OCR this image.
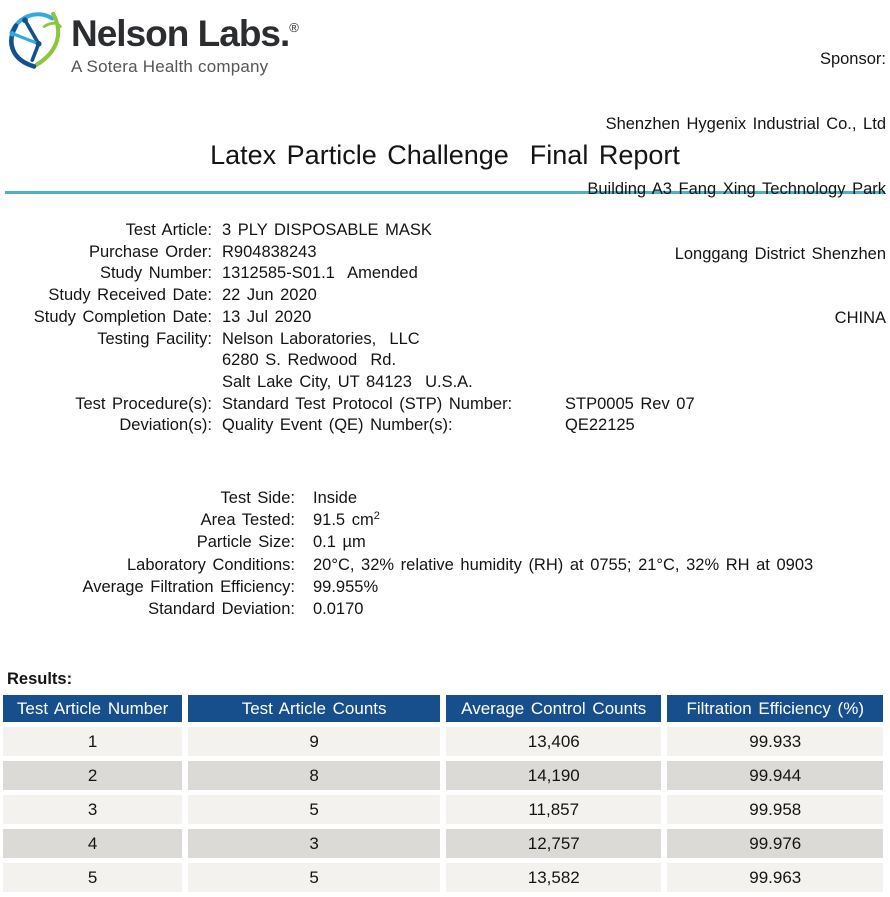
Nelson Labs.®
A Sotera Health company

	Sponsor:

Shenzhen Hygenix Industrial Co., Ltd

Building A3 Fang Xing Technology Park

Longgang District Shenzhen

CHINA

Latex Particle Challenge  Final Report
Test Article: 3 PLY DISPOSABLE MASK
Purchase Order: R904838243
Study Number: 1312585-S01.1  Amended
Study Received Date: 22 Jun 2020
Study Completion Date: 13 Jul 2020
Testing Facility: Nelson Laboratories,  LLC
6280 S. Redwood  Rd.
Salt Lake City, UT 84123  U.S.A.
Test Procedure(s): Standard Test Protocol (STP) Number:	STP0005 Rev 07
Deviation(s): Quality Event (QE) Number(s):	QE22125
Test Side:	Inside
Area Tested:	91.5 $cm^2$
Particle Size:	0.1 µm
Laboratory Conditions:	20°C, 32% relative humidity (RH) at 0755; 21°C, 32% RH at 0903
Average Filtration Efficiency:	99.955%
Standard Deviation:	0.0170
Results:
Test Article Number	Test Article Counts	Average Control Counts	Filtration Efficiency (%)
1	9	13,406	99.933
2	8	14,190	99.944
3	5	11,857	99.958
4	3	12,757	99.976
5	5	13,582	99.963
